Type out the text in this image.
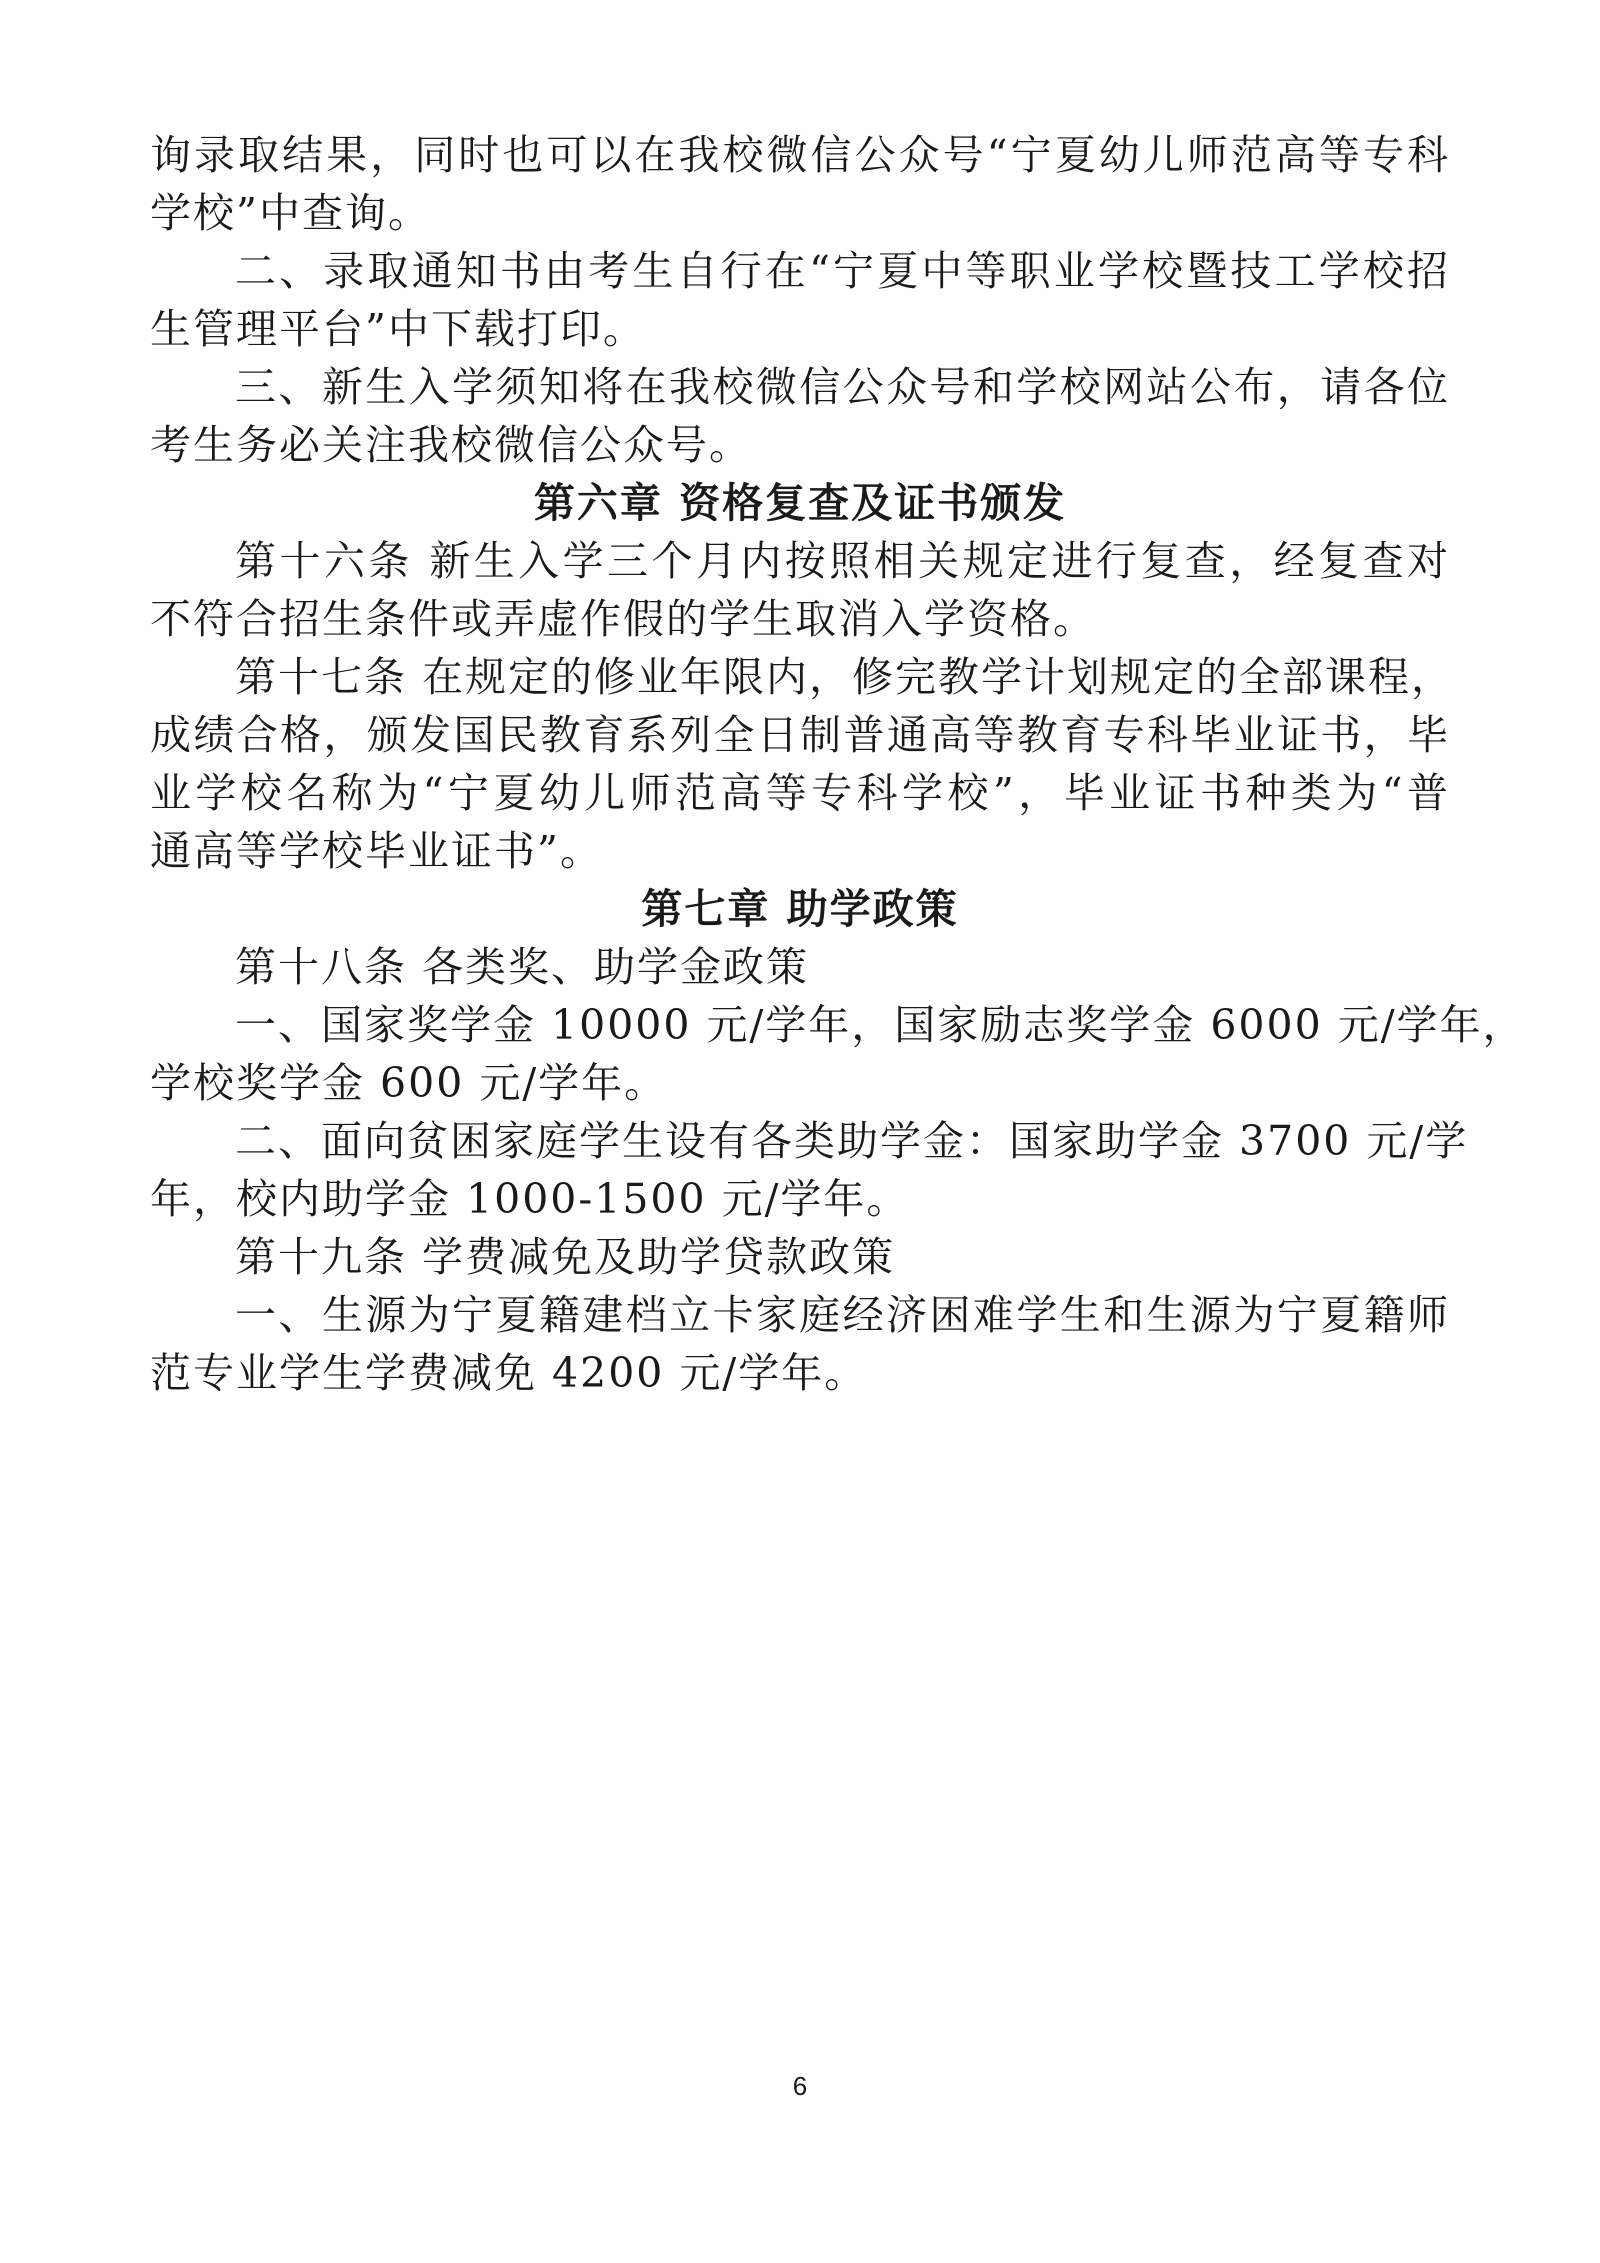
询录取结果，同时也可以在我校微信公众号“宁夏幼儿师范高等专科
学校”中查询。
二、录取通知书由考生自行在“宁夏中等职业学校暨技工学校招
生管理平台”中下载打印。
三、新生入学须知将在我校微信公众号和学校网站公布，请各位
考生务必关注我校微信公众号。
第六章 资格复查及证书颁发
第十六条 新生入学三个月内按照相关规定进行复查，经复查对
不符合招生条件或弄虚作假的学生取消入学资格。
第十七条 在规定的修业年限内，修完教学计划规定的全部课程，
成绩合格，颁发国民教育系列全日制普通高等教育专科毕业证书，毕
业学校名称为“宁夏幼儿师范高等专科学校”，毕业证书种类为“普
通高等学校毕业证书”。
第七章 助学政策
第十八条 各类奖、助学金政策
一、国家奖学金 10000 元/学年，国家励志奖学金 6000 元/学年，
学校奖学金 600 元/学年。
二、面向贫困家庭学生设有各类助学金：国家助学金 3700 元/学
年，校内助学金 1000-1500 元/学年。
第十九条 学费减免及助学贷款政策
一、生源为宁夏籍建档立卡家庭经济困难学生和生源为宁夏籍师
范专业学生学费减免 4200 元/学年。
6
